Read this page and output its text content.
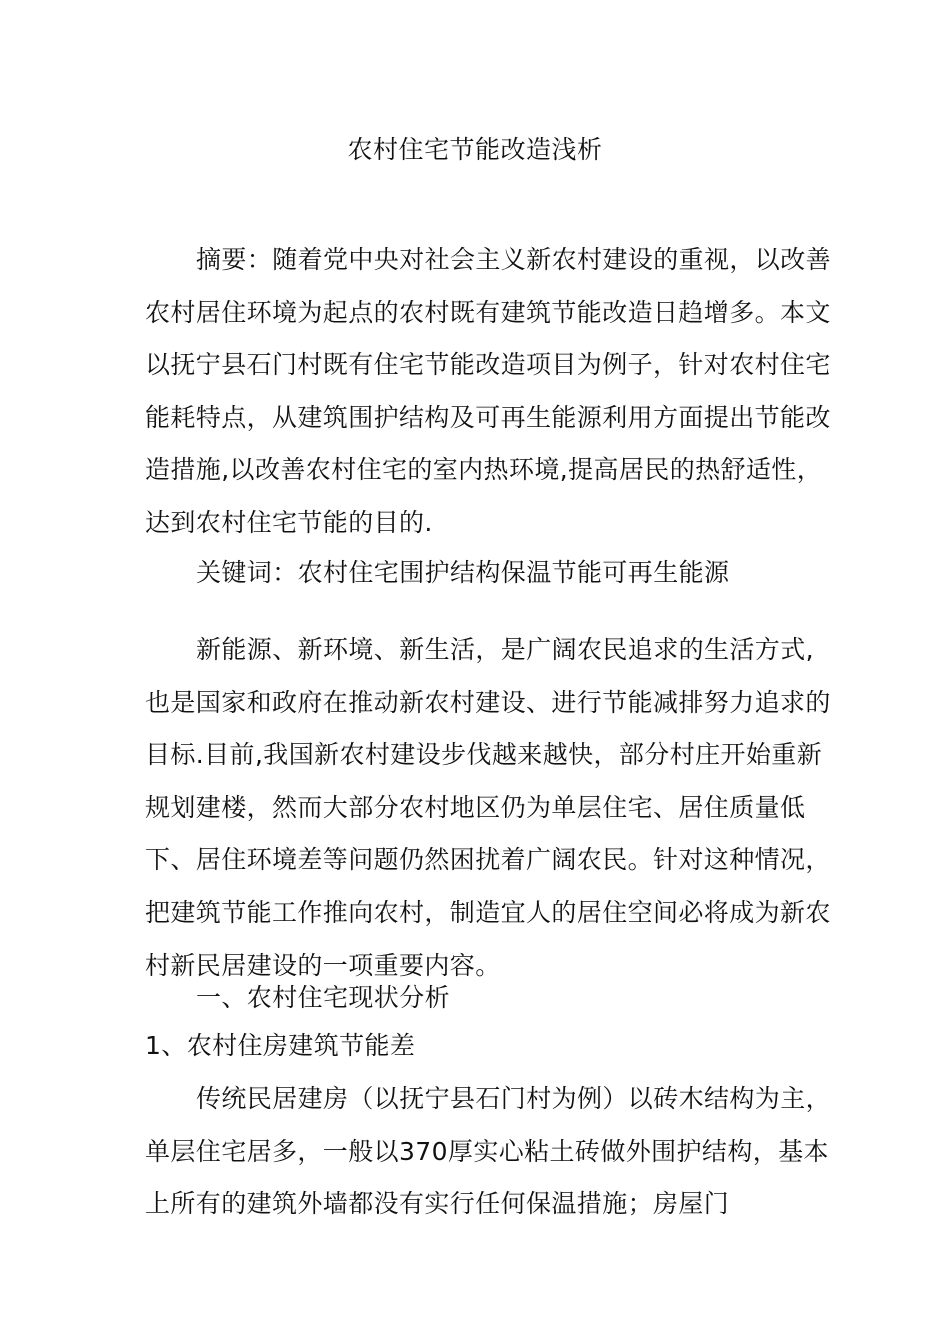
农村住宅节能改造浅析
摘要：随着党中央对社会主义新农村建设的重视，以改善农村居住环境为起点的农村既有建筑节能改造日趋增多。本文以抚宁县石门村既有住宅节能改造项目为例子，针对农村住宅能耗特点，从建筑围护结构及可再生能源利用方面提出节能改造措施,以改善农村住宅的室内热环境,提高居民的热舒适性，达到农村住宅节能的目的.
关键词：农村住宅围护结构保温节能可再生能源
新能源、新环境、新生活，是广阔农民追求的生活方式,也是国家和政府在推动新农村建设、进行节能减排努力追求的目标.目前,我国新农村建设步伐越来越快，部分村庄开始重新规划建楼，然而大部分农村地区仍为单层住宅、居住质量低下、居住环境差等问题仍然困扰着广阔农民。针对这种情况，把建筑节能工作推向农村，制造宜人的居住空间必将成为新农村新民居建设的一项重要内容。
一、农村住宅现状分析
1、农村住房建筑节能差
传统民居建房（以抚宁县石门村为例）以砖木结构为主，单层住宅居多，一般以370厚实心粘土砖做外围护结构，基本上所有的建筑外墙都没有实行任何保温措施；房屋门
